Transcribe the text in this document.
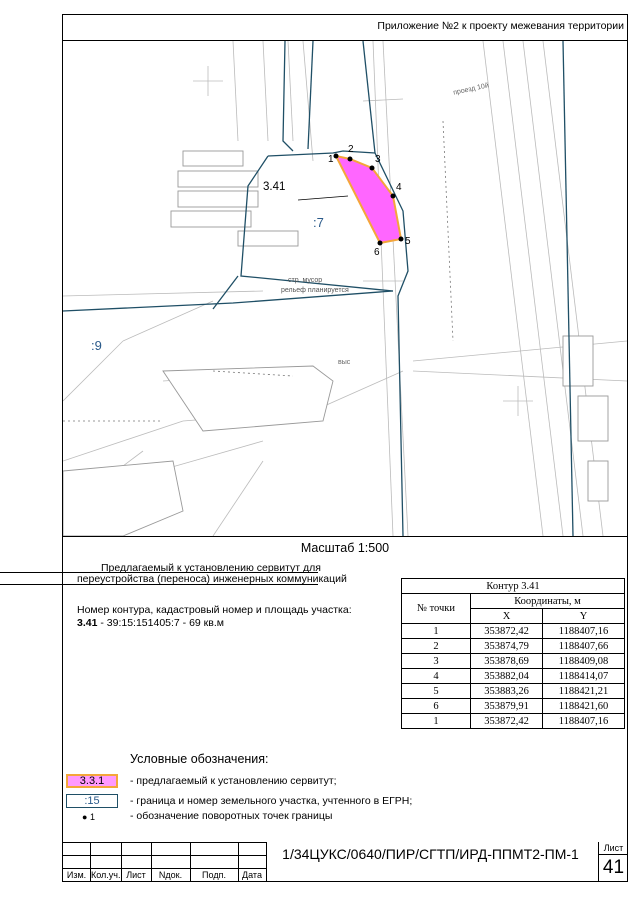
Приложение №2 к проекту межевания территории
3.41
:7
:9
1
2
3
4
5
6
проезд 10й
стр. мусор
рельеф планируется
выс
Масштаб 1:500
Предлагаемый к установлению сервитут для
переустройства (переноса) инженерных коммуникаций
Номер контура, кадастровый номер и площадь участка:
3.41 - 39:15:151405:7 - 69 кв.м
Контур 3.41		
№ точки	Координаты, м	
	X	Y
1	353872,42	1188407,16
2	353874,79	1188407,66
3	353878,69	1188409,08
4	353882,04	1188414,07
5	353883,26	1188421,21
6	353879,91	1188421,60
1	353872,42	1188407,16
Условные обозначения:
3.3.1	- предлагаемый к установлению сервитут;
:15	- граница и номер земельного участка, учтенного в ЕГРН;
● 1	- обозначение поворотных точек границы

Изм.	Кол.уч.	Лист	Nдок.	Подп.	Дата
1/34ЦУКС/0640/ПИР/СГТП/ИРД-ППМТ2-ПМ-1	Лист
41
